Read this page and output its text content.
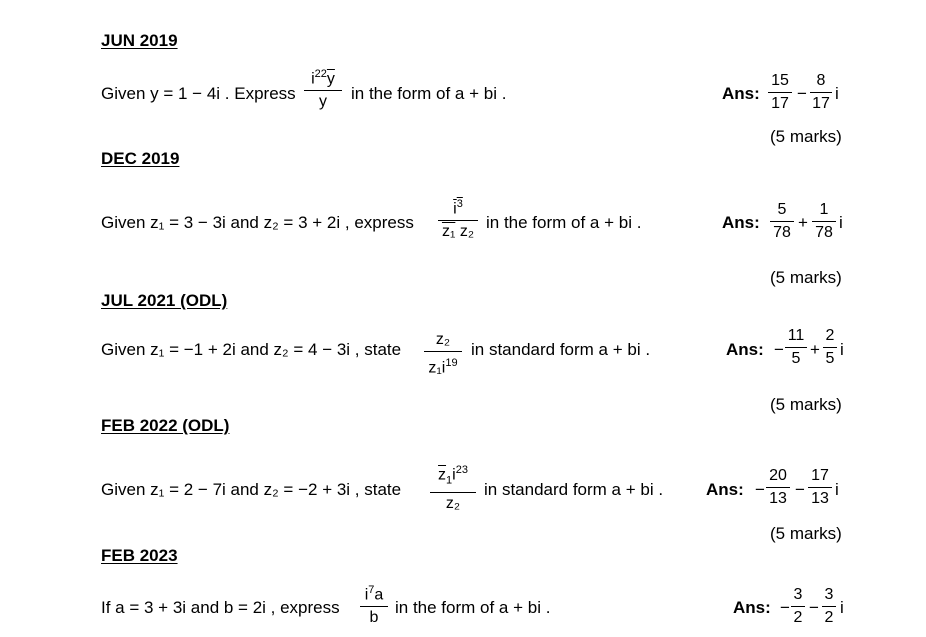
JUN 2019
Given y = 1 − 4i . Express
$i^{22}\overline{y}$
y	in the form of a + bi .	Ans:
15
17
−
8
17
i
(5 marks)
DEC 2019
Given z₁ = 3 − 3i and z₂ = 3 + 2i , express
$i^3$
z₁ z₂ in the form of a + bi .	Ans:
5
78
+
1
78
i
(5 marks)
JUL 2021 (ODL)
Given z₁ = −1 + 2i and z₂ = 4 − 3i , state
z₂
$z_1i^{19}$
in standard form a + bi .	Ans: −
11
5 +
2
5 i
(5 marks)
FEB 2022 (ODL)
Given z₁ = 2 − 7i and z₂ = −2 + 3i , state
$\overline{z}_1i^{23}$
z₂
in standard form a + bi .	Ans: −
20
13 −
17
13 i
(5 marks)
FEB 2023
If a = 3 + 3i and b = 2i , express
$i^7a$
b
in the form of a + bi .	Ans: −
3
2
−
3
2
i
